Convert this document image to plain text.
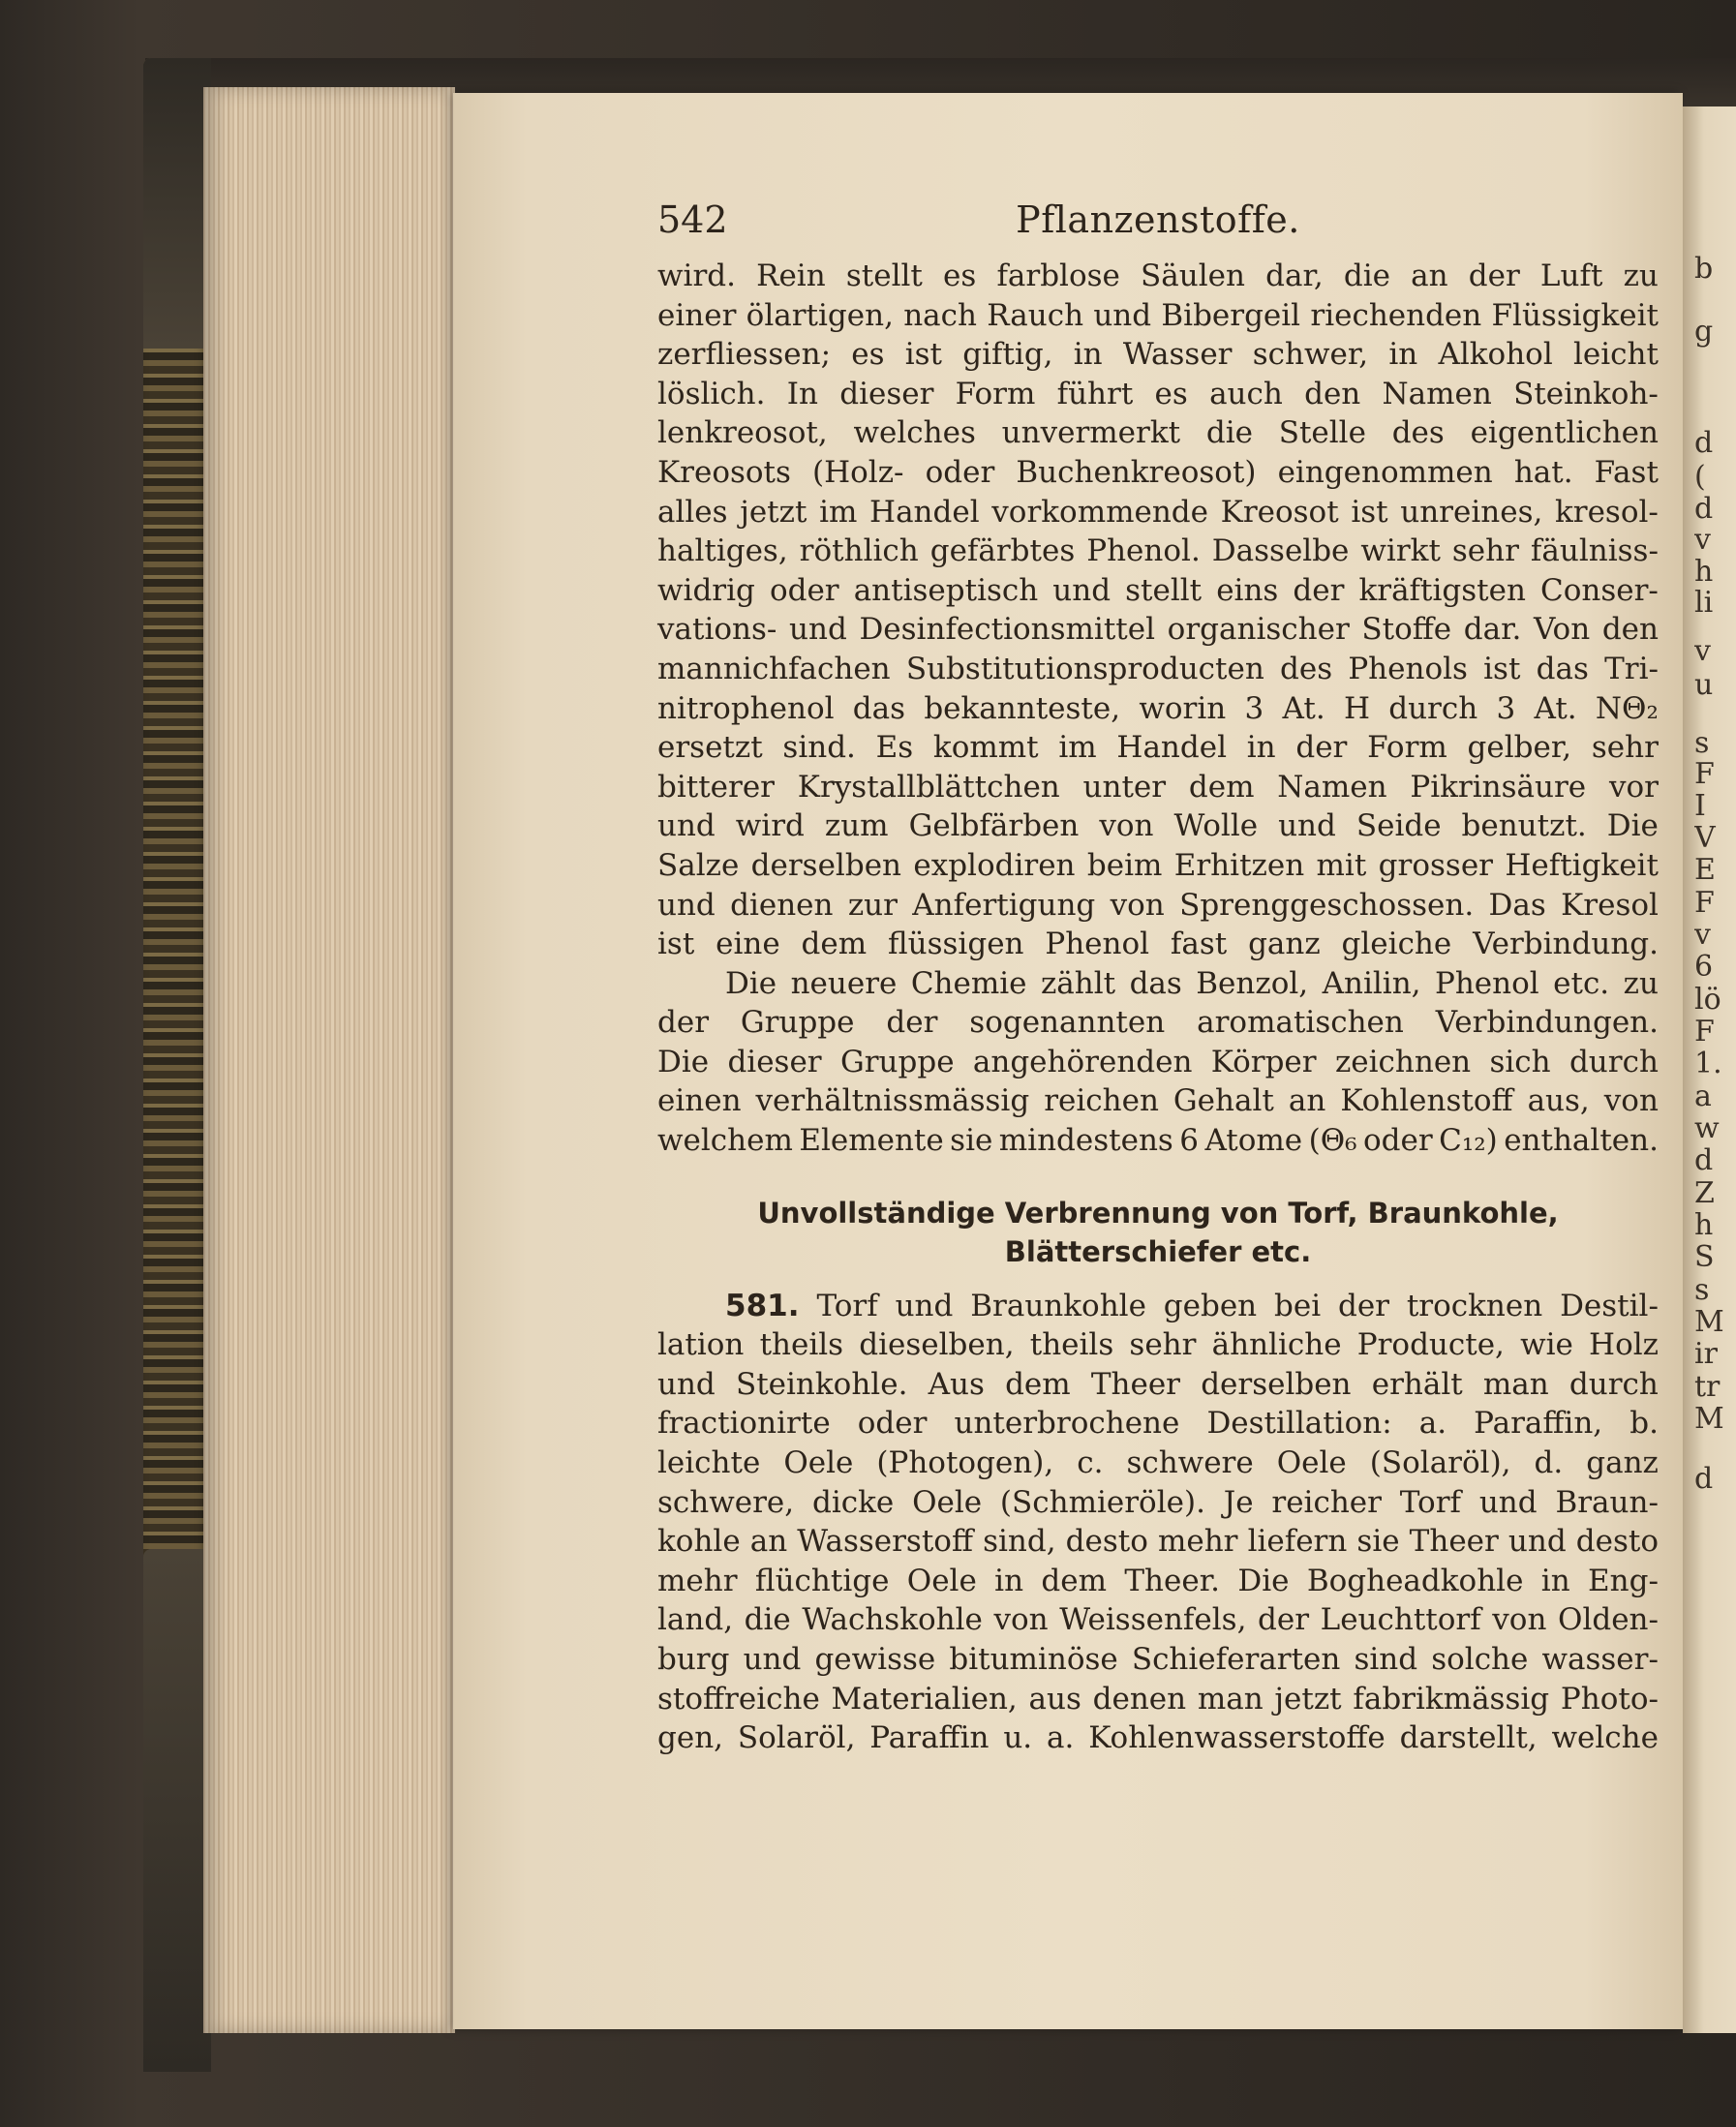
b
g
d
(
d
v
h
li
v
u
s
F
I
V
E
F
v
6
lö
F
1.
a
w
d
Z
h
S
s
M
ir
tr
M
d
542	Pflanzenstoffe.
wird. Rein stellt es farblose Säulen dar, die an der Luft zu
einer ölartigen, nach Rauch und Bibergeil riechenden Flüssigkeit
zerfliessen; es ist giftig, in Wasser schwer, in Alkohol leicht
löslich. In dieser Form führt es auch den Namen Steinkoh-
lenkreosot, welches unvermerkt die Stelle des eigentlichen
Kreosots (Holz- oder Buchenkreosot) eingenommen hat. Fast
alles jetzt im Handel vorkommende Kreosot ist unreines, kresol-
haltiges, röthlich gefärbtes Phenol. Dasselbe wirkt sehr fäulniss-
widrig oder antiseptisch und stellt eins der kräftigsten Conser-
vations- und Desinfectionsmittel organischer Stoffe dar. Von den
mannichfachen Substitutionsproducten des Phenols ist das Tri-
nitrophenol das bekannteste, worin 3 At. H durch 3 At. NΘ₂
ersetzt sind. Es kommt im Handel in der Form gelber, sehr
bitterer Krystallblättchen unter dem Namen Pikrinsäure vor
und wird zum Gelbfärben von Wolle und Seide benutzt. Die
Salze derselben explodiren beim Erhitzen mit grosser Heftigkeit
und dienen zur Anfertigung von Sprenggeschossen. Das Kresol
ist eine dem flüssigen Phenol fast ganz gleiche Verbindung.
Die neuere Chemie zählt das Benzol, Anilin, Phenol etc. zu
der Gruppe der sogenannten aromatischen Verbindungen.
Die dieser Gruppe angehörenden Körper zeichnen sich durch
einen verhältnissmässig reichen Gehalt an Kohlenstoff aus, von
welchem Elemente sie mindestens 6 Atome (Θ₆ oder C₁₂) enthalten.
Unvollständige Verbrennung von Torf, Braunkohle,
Blätterschiefer etc.
581. Torf und Braunkohle geben bei der trocknen Destil-
lation theils dieselben, theils sehr ähnliche Producte, wie Holz
und Steinkohle. Aus dem Theer derselben erhält man durch
fractionirte oder unterbrochene Destillation: a. Paraffin, b.
leichte Oele (Photogen), c. schwere Oele (Solaröl), d. ganz
schwere, dicke Oele (Schmieröle). Je reicher Torf und Braun-
kohle an Wasserstoff sind, desto mehr liefern sie Theer und desto
mehr flüchtige Oele in dem Theer. Die Bogheadkohle in Eng-
land, die Wachskohle von Weissenfels, der Leuchttorf von Olden-
burg und gewisse bituminöse Schieferarten sind solche wasser-
stoffreiche Materialien, aus denen man jetzt fabrikmässig Photo-
gen, Solaröl, Paraffin u. a. Kohlenwasserstoffe darstellt, welche
